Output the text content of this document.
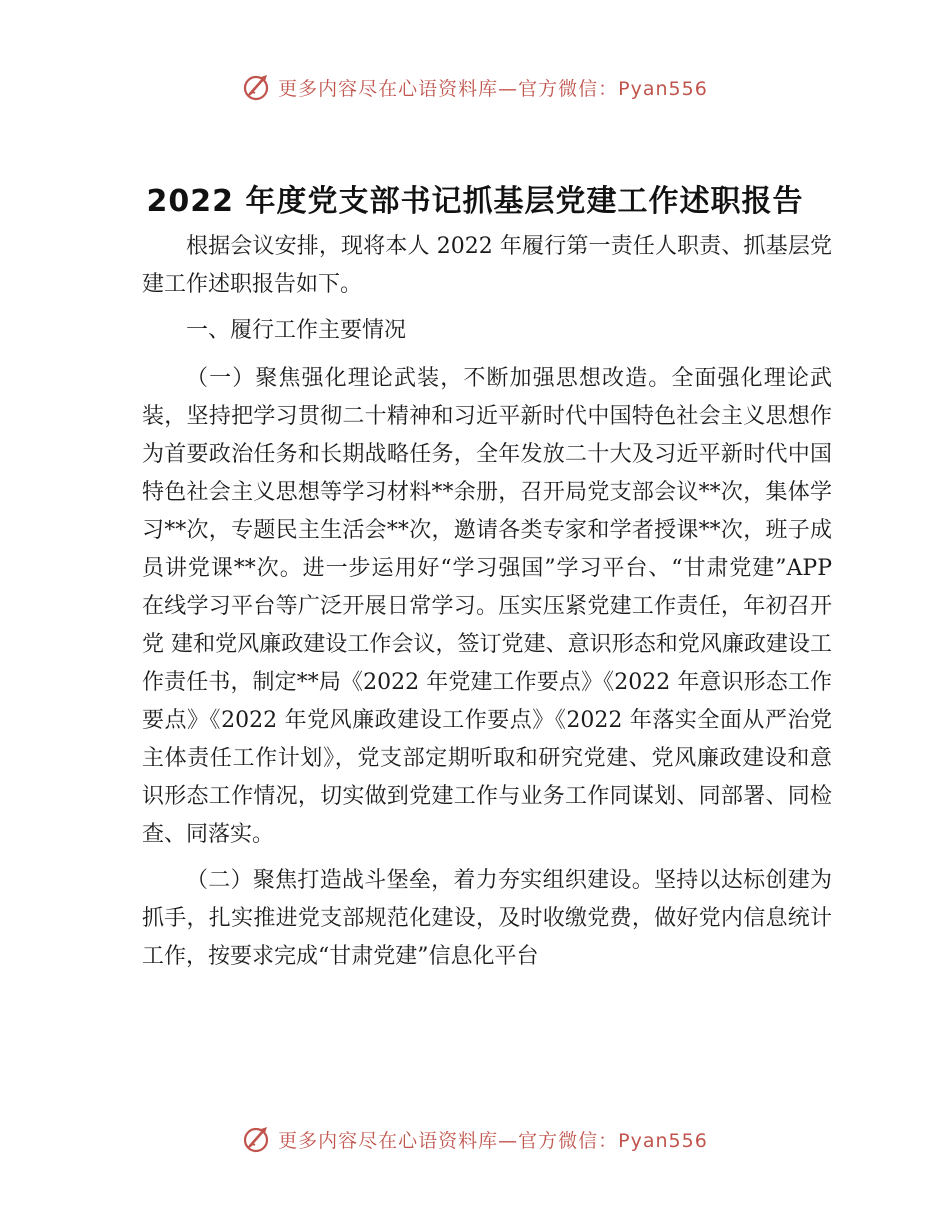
更多内容尽在心语资料库—官方微信：Pyan556
2022 年度党支部书记抓基层党建工作述职报告

根据会议安排，现将本人 2022 年履行第一责任人职责、抓基层党建工作述职报告如下。

一、履行工作主要情况

（一）聚焦强化理论武装，不断加强思想改造。全面强化理论武装，坚持把学习贯彻二十精神和习近平新时代中国特色社会主义思想作为首要政治任务和长期战略任务，全年发放二十大及习近平新时代中国特色社会主义思想等学习材料**余册，召开局党支部会议**次，集体学习**次，专题民主生活会**次，邀请各类专家和学者授课**次，班子成员讲党课**次。进一步运用好“学习强国”学习平台、“甘肃党建”APP 在线学习平台等广泛开展日常学习。压实压紧党建工作责任，年初召开党 建和党风廉政建设工作会议，签订党建、意识形态和党风廉政建设工作责任书，制定**局《2022 年党建工作要点》《2022 年意识形态工作要点》《2022 年党风廉政建设工作要点》《2022 年落实全面从严治党主体责任工作计划》，党支部定期听取和研究党建、党风廉政建设和意识形态工作情况，切实做到党建工作与业务工作同谋划、同部署、同检查、同落实。

（二）聚焦打造战斗堡垒，着力夯实组织建设。坚持以达标创建为抓手，扎实推进党支部规范化建设，及时收缴党费，做好党内信息统计工作，按要求完成“甘肃党建”信息化平台

更多内容尽在心语资料库—官方微信：Pyan556
